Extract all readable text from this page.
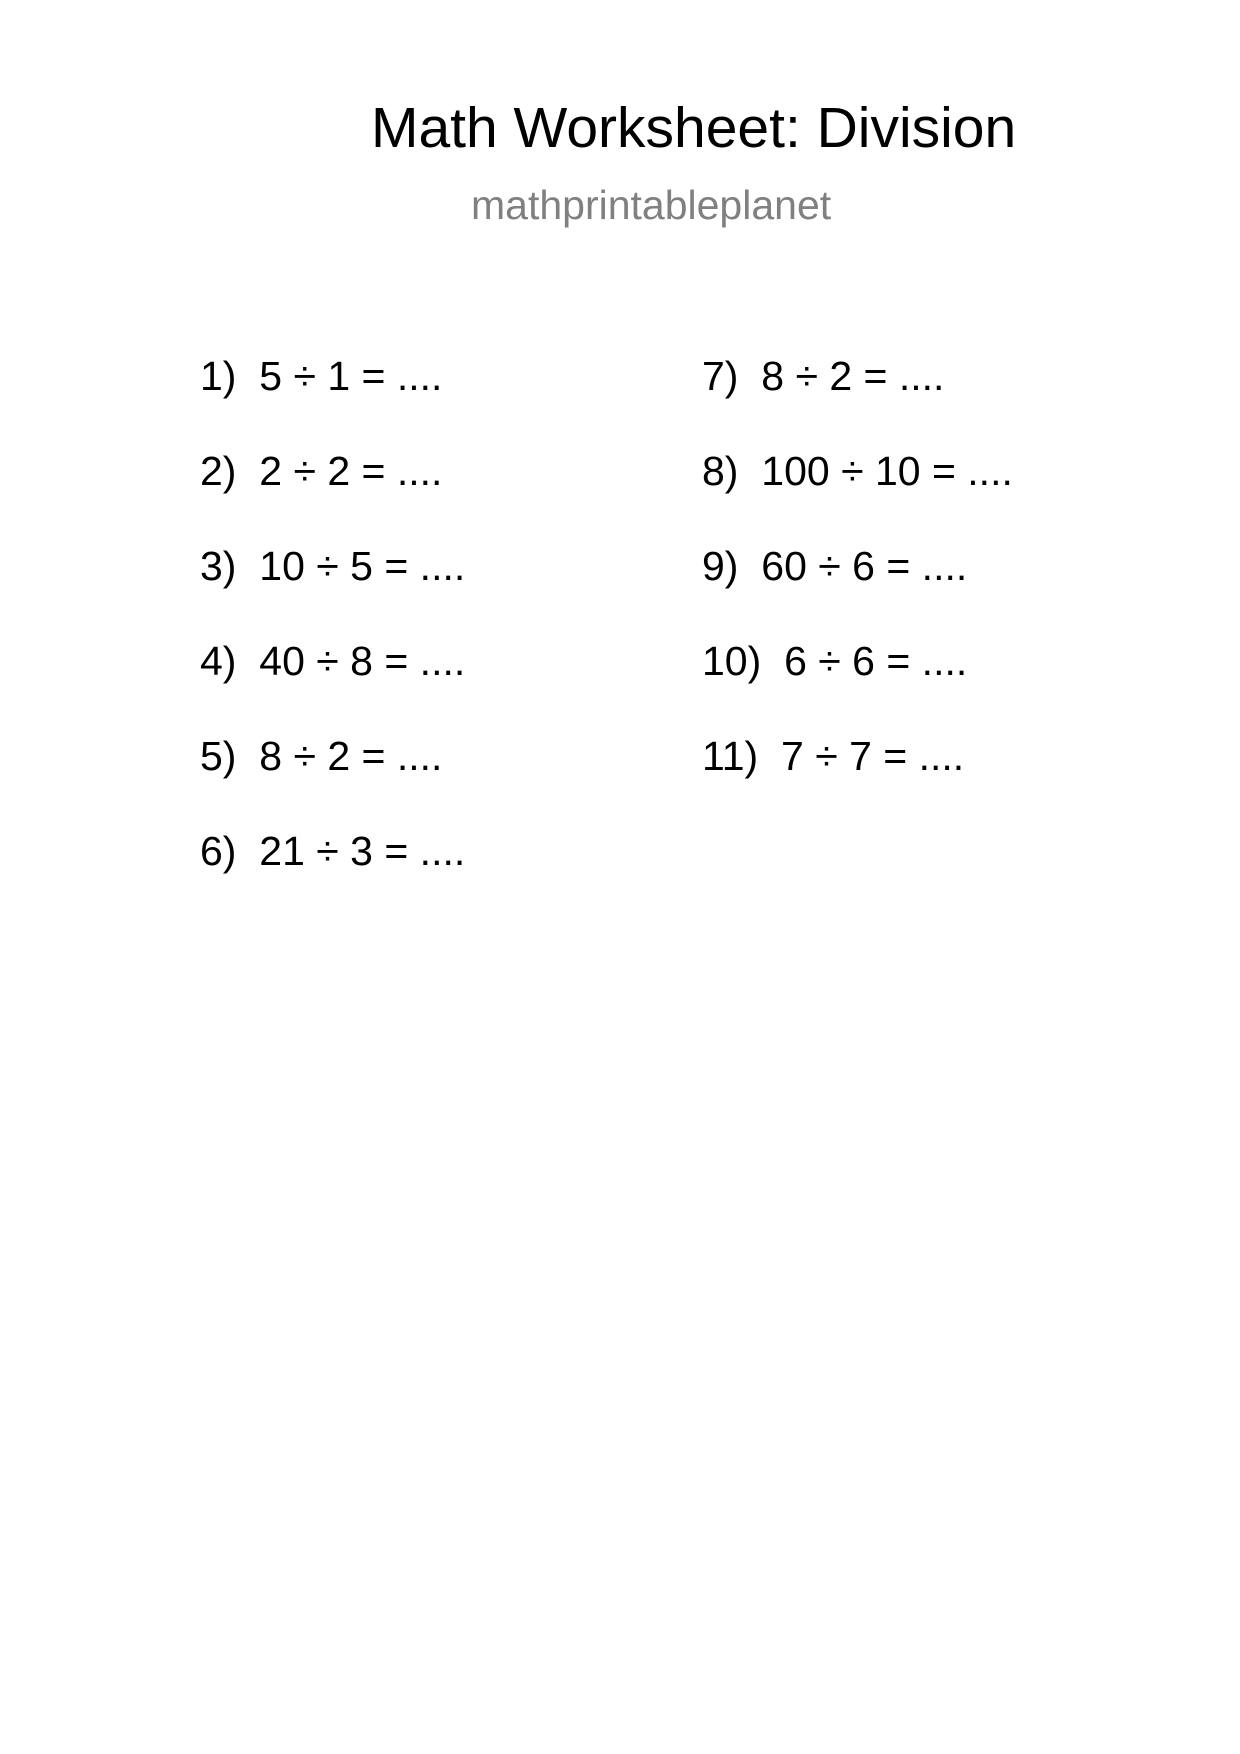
Math Worksheet: Division
mathprintableplanet
1) 5 ÷ 1 = ....
2) 2 ÷ 2 = ....
3) 10 ÷ 5 = ....
4) 40 ÷ 8 = ....
5) 8 ÷ 2 = ....
6) 21 ÷ 3 = ....
7) 8 ÷ 2 = ....
8) 100 ÷ 10 = ....
9) 60 ÷ 6 = ....
10) 6 ÷ 6 = ....
11) 7 ÷ 7 = ....
